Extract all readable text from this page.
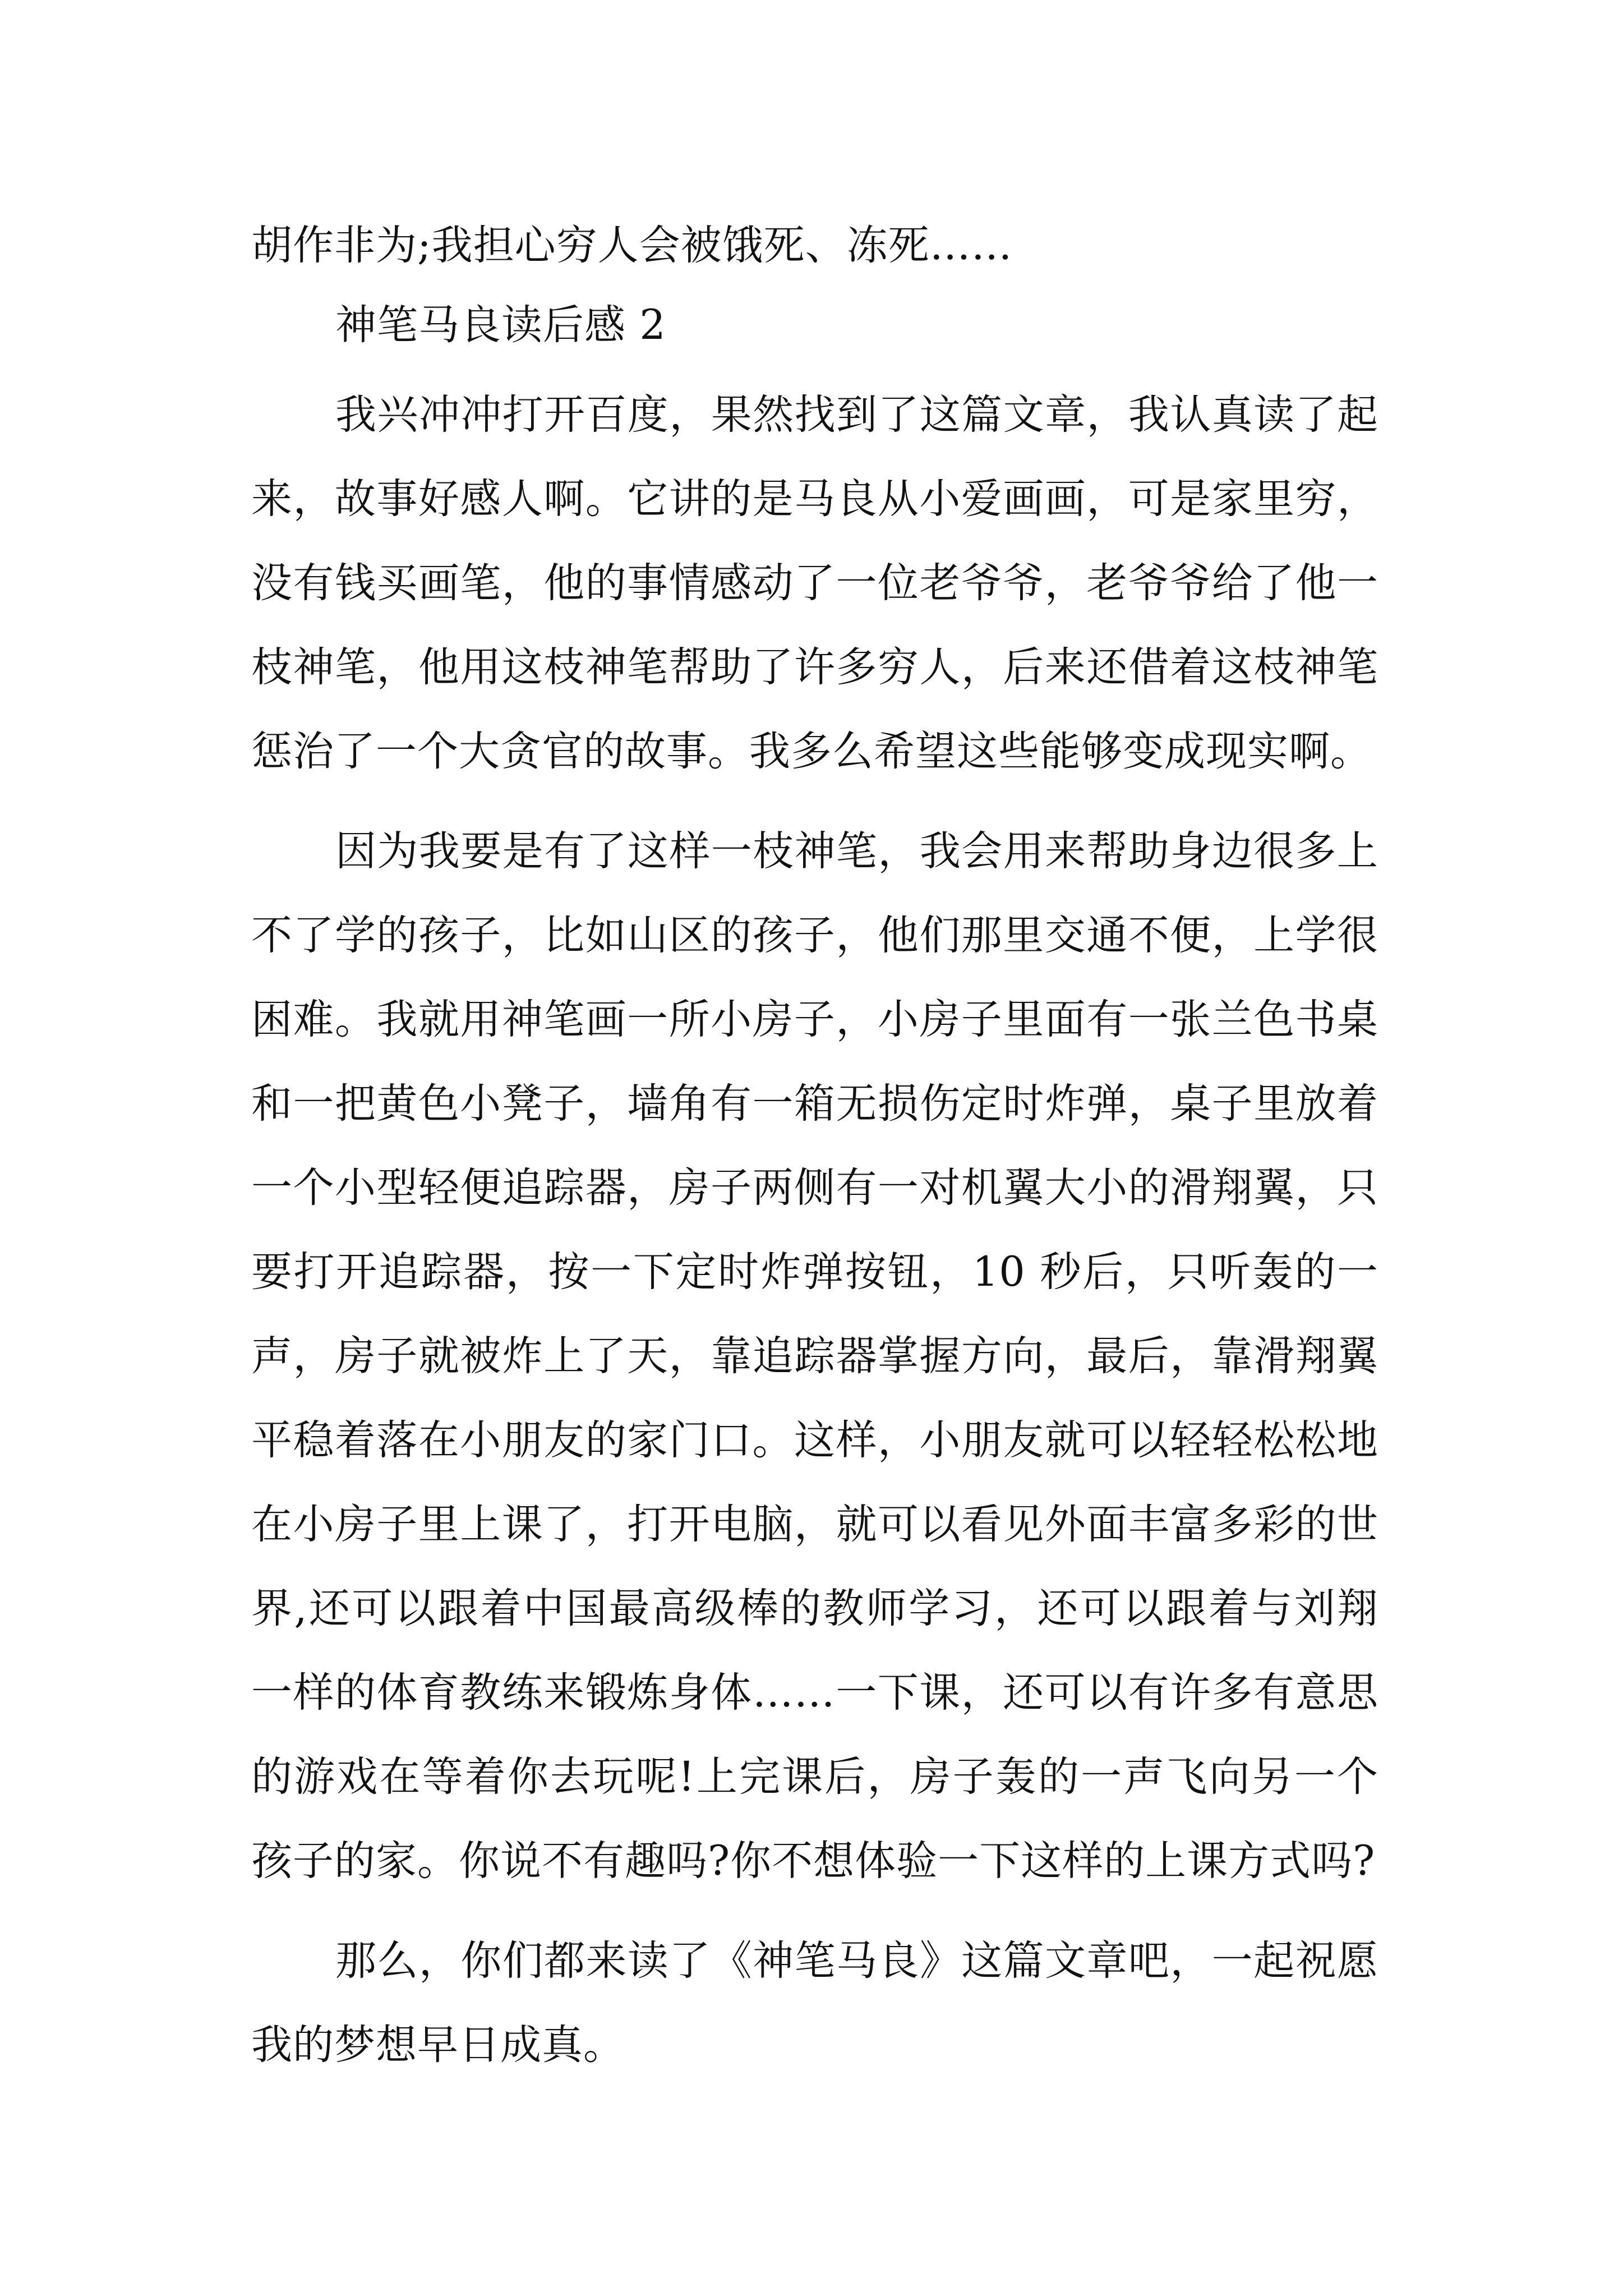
胡作非为;我担心穷人会被饿死、冻死……

神笔马良读后感 2

我兴冲冲打开百度，果然找到了这篇文章，我认真读了起来，故事好感人啊。它讲的是马良从小爱画画，可是家里穷，没有钱买画笔，他的事情感动了一位老爷爷，老爷爷给了他一枝神笔，他用这枝神笔帮助了许多穷人，后来还借着这枝神笔惩治了一个大贪官的故事。我多么希望这些能够变成现实啊。

因为我要是有了这样一枝神笔，我会用来帮助身边很多上不了学的孩子，比如山区的孩子，他们那里交通不便，上学很困难。我就用神笔画一所小房子，小房子里面有一张兰色书桌和一把黄色小凳子，墙角有一箱无损伤定时炸弹，桌子里放着一个小型轻便追踪器，房子两侧有一对机翼大小的滑翔翼，只要打开追踪器，按一下定时炸弹按钮，10 秒后，只听轰的一声，房子就被炸上了天，靠追踪器掌握方向，最后，靠滑翔翼平稳着落在小朋友的家门口。这样，小朋友就可以轻轻松松地在小房子里上课了，打开电脑，就可以看见外面丰富多彩的世界,还可以跟着中国最高级棒的教师学习，还可以跟着与刘翔一样的体育教练来锻炼身体……一下课，还可以有许多有意思的游戏在等着你去玩呢!上完课后，房子轰的一声飞向另一个孩子的家。你说不有趣吗?你不想体验一下这样的上课方式吗?

那么，你们都来读了《神笔马良》这篇文章吧，一起祝愿我的梦想早日成真。
